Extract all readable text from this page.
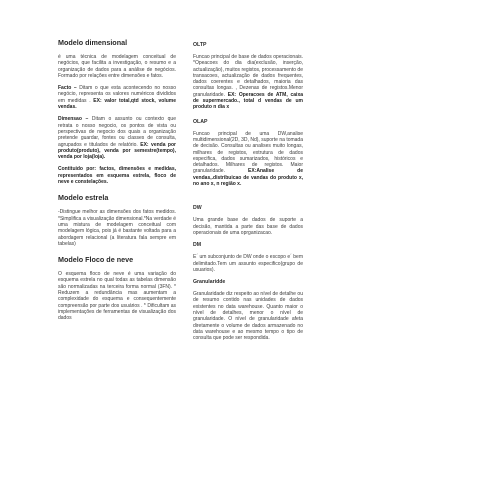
Modelo dimensional

é uma técnica de modelagem conceitual de negócios, que facilita a investigação, o resumo e a organização de dados para a análise de negócios. Formado por relações entre dimensões e fatos.

Facto – Ditam o que esta acontecendo no nosso negócio, representa os valores numéricos divididos em medidas . EX: valor total,qtd stock, volume vendas.

Dimensao – Ditam o assunto ou contexto que retrata o nosso negocio, os pontos de vista ou perspectivas de negocio dos quais a organização pretende guardar, fontes ou classes de consulta, agrupados e titulados de relatório. EX: venda por produto(produto), venda por semestre(tempo), venda por loja(loja).

Contituido por: factos, dimensões e medidas, representados em esquema estrela, floco de neve e constelações.

Modelo estrela

-Distingue melhor as dimensões dos fatos medidos. *Simplifica a visualização dimensional.*Na verdade é uma mistura de modelagem conceitual com modelagem lógica, pois já é bastante voltada para a abordagem relacional (a literatura fala sempre em tabelas)

Modelo Floco de neve

O esquema floco de neve é uma variação do esquema estrela no qual todas as tabelas dimensão são normalizadas na terceira forma normal (3FN). * Reduzem a redundância mas aumentam a complexidade do esquema e consequentemente compreensão por parte dos usuários . * Dificultam as implementações de ferramentas de visualização dos dados

OLTP

Funcao principal de base de dados operacionais. *Opeacoes do dia dia(exclusão, inserção, actualização), muitos registos, processamento de transacoes, actualização de dados frequentes, dados coerentes e detalhados, maioria das consultas longas. , Dezenas de registos.Menor granularidade. EX: Operacoes de ATM, caixa de supermercado., total d vendas de um produto n dia x

OLAP

Funcao principal de uma DW,analise multidimensional(2D, 3D, Nd), suporte na tomada de decisão. Consultas ou analises muito longas, milhares de registos, extrutura de dados especifica, dados sumarizados, históricos e detalhados. Milhares de registos. Maior granularidade. EX:Analise de vendas,.distribuicao de vandas do produto x, no ano x, n região x.

DW

Uma grande base de dados de suporte a decisão, mantida a parte das base de dados operacionais de uma oprganizacao.

DM

E´ um subconjunto de DW onde o escopo e´ bem delimitado.Tem um assunto especifico(grupo de usuarios).

Granularidde

Granularidade diz respeito ao nível de detalhe ou de resumo contido nas unidades de dados existentes no data warehouse. Quanto maior o nível de detalhes, menor o nível de granularidade. O nível de granularidade afeta diretamente o volume de dados armazenado no data warehouse e ao mesmo tempo o tipo de consulta que pode ser respondida.
